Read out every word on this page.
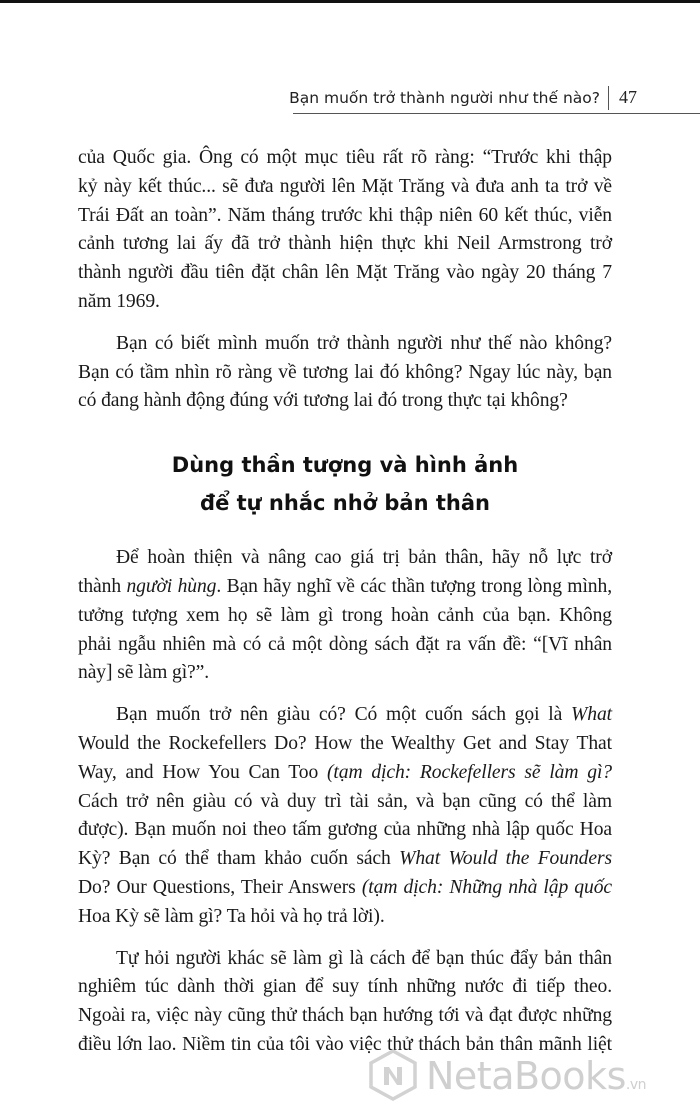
Bạn muốn trở thành người như thế nào? 47

của Quốc gia. Ông có một mục tiêu rất rõ ràng: “Trước khi thập
kỷ này kết thúc... sẽ đưa người lên Mặt Trăng và đưa anh ta trở về
Trái Đất an toàn”. Năm tháng trước khi thập niên 60 kết thúc, viễn
cảnh tương lai ấy đã trở thành hiện thực khi Neil Armstrong trở
thành người đầu tiên đặt chân lên Mặt Trăng vào ngày 20 tháng 7
năm 1969.

Bạn có biết mình muốn trở thành người như thế nào không?
Bạn có tầm nhìn rõ ràng về tương lai đó không? Ngay lúc này, bạn
có đang hành động đúng với tương lai đó trong thực tại không?

Dùng thần tượng và hình ảnh
để tự nhắc nhở bản thân

Để hoàn thiện và nâng cao giá trị bản thân, hãy nỗ lực trở
thành người hùng. Bạn hãy nghĩ về các thần tượng trong lòng mình,
tưởng tượng xem họ sẽ làm gì trong hoàn cảnh của bạn. Không
phải ngẫu nhiên mà có cả một dòng sách đặt ra vấn đề: “[Vĩ nhân
này] sẽ làm gì?”.

Bạn muốn trở nên giàu có? Có một cuốn sách gọi là What
Would the Rockefellers Do? How the Wealthy Get and Stay That
Way, and How You Can Too (tạm dịch: Rockefellers sẽ làm gì?
Cách trở nên giàu có và duy trì tài sản, và bạn cũng có thể làm
được). Bạn muốn noi theo tấm gương của những nhà lập quốc Hoa
Kỳ? Bạn có thể tham khảo cuốn sách What Would the Founders
Do? Our Questions, Their Answers (tạm dịch: Những nhà lập quốc
Hoa Kỳ sẽ làm gì? Ta hỏi và họ trả lời).

Tự hỏi người khác sẽ làm gì là cách để bạn thúc đẩy bản thân
nghiêm túc dành thời gian để suy tính những nước đi tiếp theo.
Ngoài ra, việc này cũng thử thách bạn hướng tới và đạt được những
điều lớn lao. Niềm tin của tôi vào việc thử thách bản thân mãnh liệt

NetaBooks.vn
